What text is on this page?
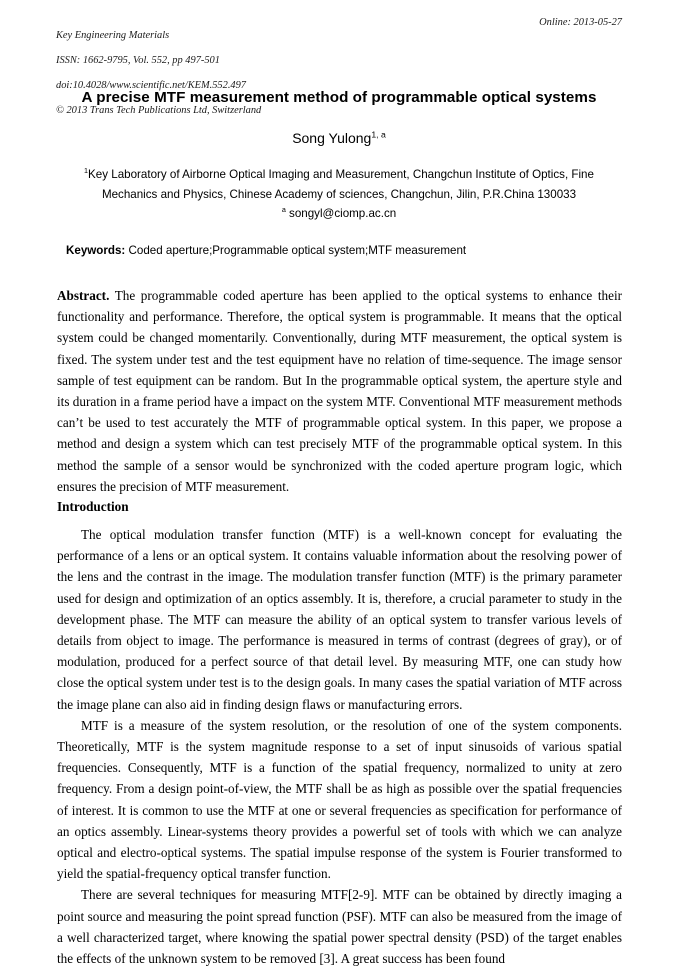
Key Engineering Materials

ISSN: 1662-9795, Vol. 552, pp 497-501

doi:10.4028/www.scientific.net/KEM.552.497

© 2013 Trans Tech Publications Ltd, Switzerland

Online: 2013-05-27
A precise MTF measurement method of programmable optical systems
Song Yulong$^{1, a}$
$^1$Key Laboratory of Airborne Optical Imaging and Measurement, Changchun Institute of Optics, Fine Mechanics and Physics, Chinese Academy of sciences, Changchun, Jilin, P.R.China 130033
$^a$ songyl@ciomp.ac.cn
Keywords: Coded aperture;Programmable optical system;MTF measurement
Abstract. The programmable coded aperture has been applied to the optical systems to enhance their functionality and performance. Therefore, the optical system is programmable. It means that the optical system could be changed momentarily. Conventionally, during MTF measurement, the optical system is fixed. The system under test and the test equipment have no relation of time-sequence. The image sensor sample of test equipment can be random. But In the programmable optical system, the aperture style and its duration in a frame period have a impact on the system MTF. Conventional MTF measurement methods can’t be used to test accurately the MTF of programmable optical system. In this paper, we propose a method and design a system which can test precisely MTF of the programmable optical system. In this method the sample of a sensor would be synchronized with the coded aperture program logic, which ensures the precision of MTF measurement.
Introduction

The optical modulation transfer function (MTF) is a well-known concept for evaluating the performance of a lens or an optical system. It contains valuable information about the resolving power of the lens and the contrast in the image. The modulation transfer function (MTF) is the primary parameter used for design and optimization of an optics assembly. It is, therefore, a crucial parameter to study in the development phase. The MTF can measure the ability of an optical system to transfer various levels of details from object to image. The performance is measured in terms of contrast (degrees of gray), or of modulation, produced for a perfect source of that detail level. By measuring MTF, one can study how close the optical system under test is to the design goals. In many cases the spatial variation of MTF across the image plane can also aid in finding design flaws or manufacturing errors.

MTF is a measure of the system resolution, or the resolution of one of the system components. Theoretically, MTF is the system magnitude response to a set of input sinusoids of various spatial frequencies. Consequently, MTF is a function of the spatial frequency, normalized to unity at zero frequency. From a design point-of-view, the MTF shall be as high as possible over the spatial frequencies of interest. It is common to use the MTF at one or several frequencies as specification for performance of an optics assembly. Linear-systems theory provides a powerful set of tools with which we can analyze optical and electro-optical systems. The spatial impulse response of the system is Fourier transformed to yield the spatial-frequency optical transfer function.

There are several techniques for measuring MTF[2-9]. MTF can be obtained by directly imaging a point source and measuring the point spread function (PSF). MTF can also be measured from the image of a well characterized target, where knowing the spatial power spectral density (PSD) of the target enables the effects of the unknown system to be removed [3]. A great success has been found
